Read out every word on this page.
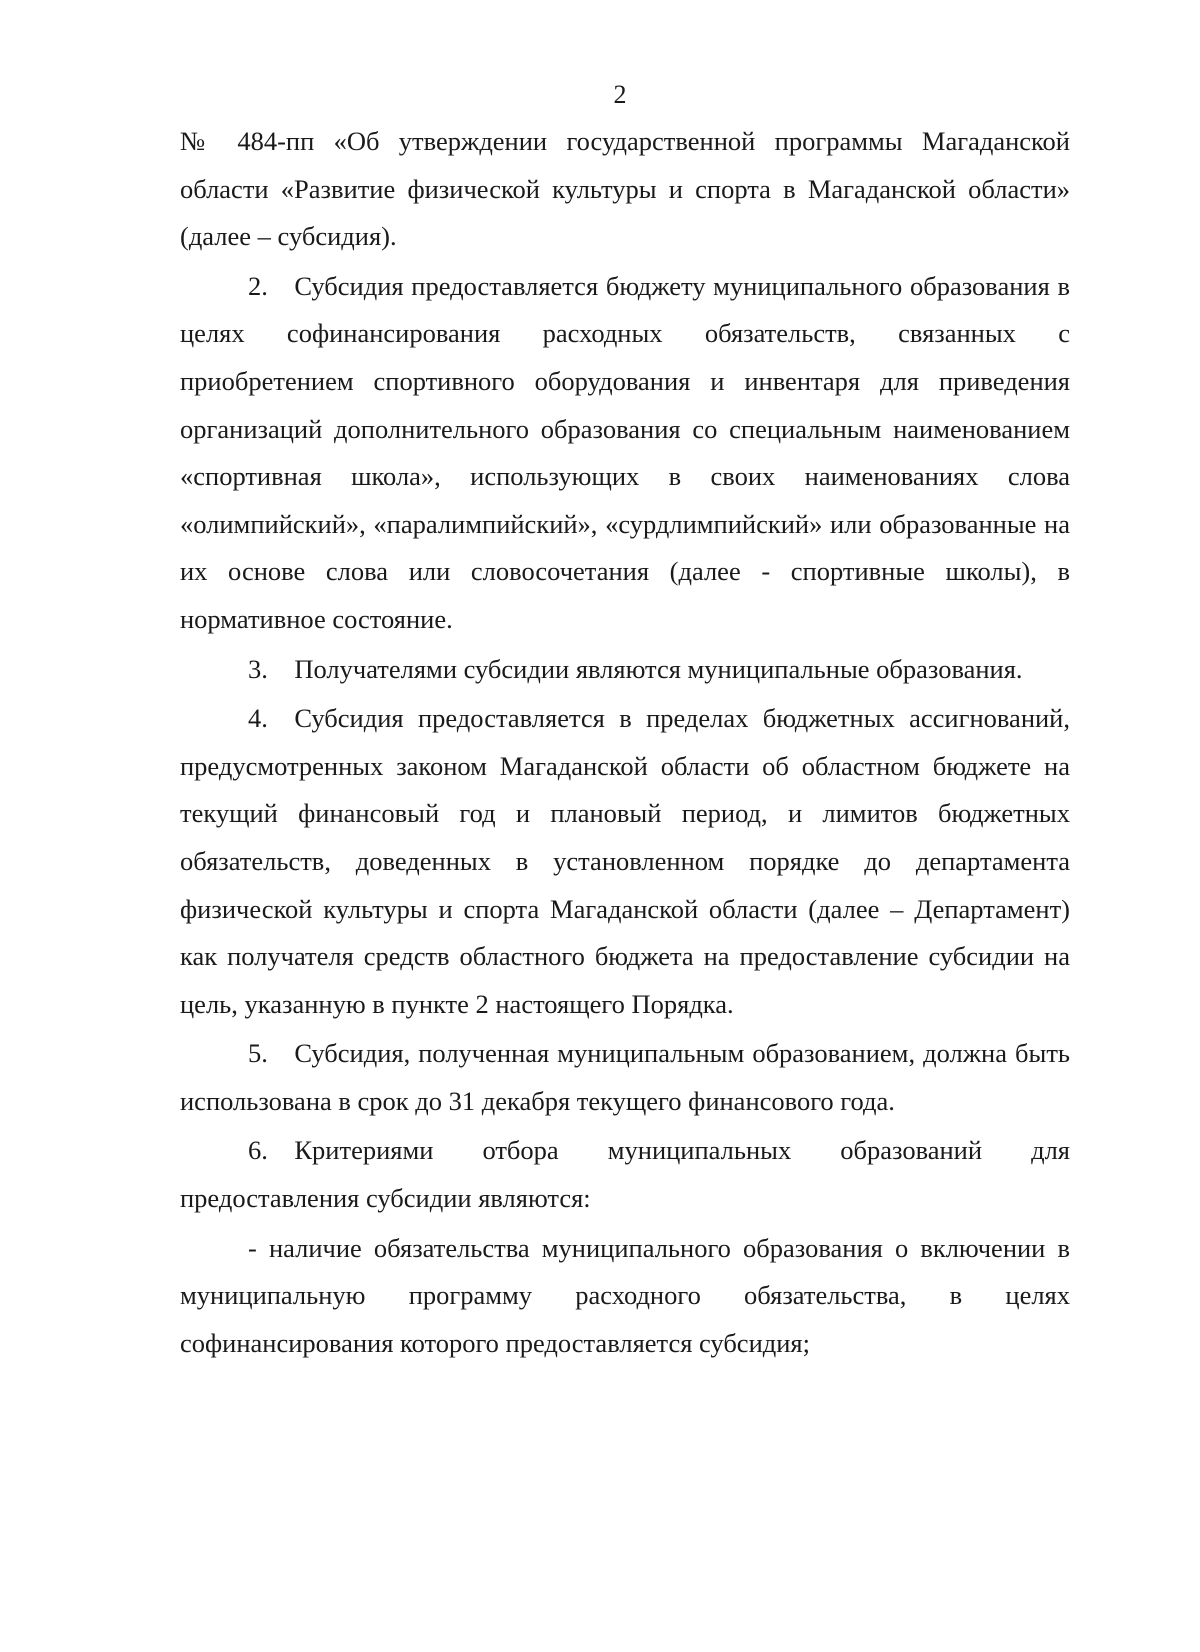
2

№ 484-пп «Об утверждении государственной программы Магаданской области «Развитие физической культуры и спорта в Магаданской области» (далее – субсидия).

2. Субсидия предоставляется бюджету муниципального образования в целях софинансирования расходных обязательств, связанных с приобретением спортивного оборудования и инвентаря для приведения организаций дополнительного образования со специальным наименованием «спортивная школа», использующих в своих наименованиях слова «олимпийский», «паралимпийский», «сурдлимпийский» или образованные на их основе слова или словосочетания (далее - спортивные школы), в нормативное состояние.

3. Получателями субсидии являются муниципальные образования.

4. Субсидия предоставляется в пределах бюджетных ассигнований, предусмотренных законом Магаданской области об областном бюджете на текущий финансовый год и плановый период, и лимитов бюджетных обязательств, доведенных в установленном порядке до департамента физической культуры и спорта Магаданской области (далее – Департамент) как получателя средств областного бюджета на предоставление субсидии на цель, указанную в пункте 2 настоящего Порядка.

5. Субсидия, полученная муниципальным образованием, должна быть использована в срок до 31 декабря текущего финансового года.

6. Критериями отбора муниципальных образований для предоставления субсидии являются:

- наличие обязательства муниципального образования о включении в муниципальную программу расходного обязательства, в целях софинансирования которого предоставляется субсидия;
